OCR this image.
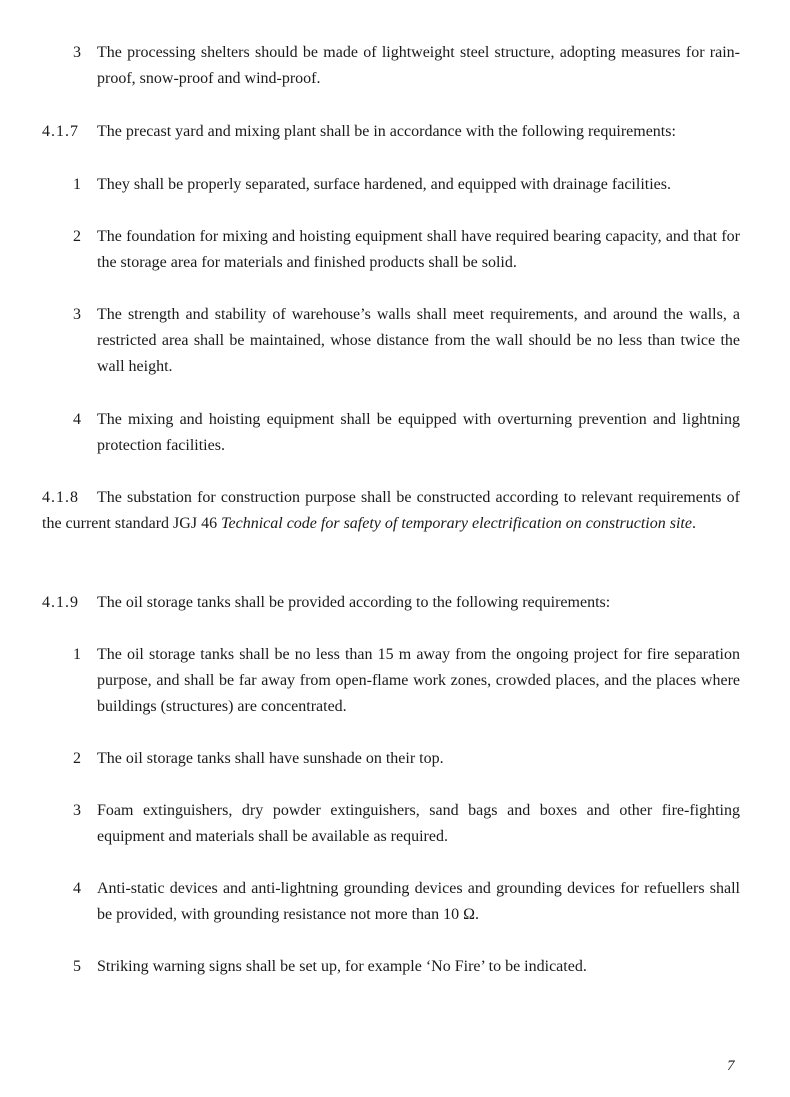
3 The processing shelters should be made of lightweight steel structure, adopting measures for rain-proof, snow-proof and wind-proof.
4.1.7 The precast yard and mixing plant shall be in accordance with the following requirements:
1 They shall be properly separated, surface hardened, and equipped with drainage facilities.
2 The foundation for mixing and hoisting equipment shall have required bearing capacity, and that for the storage area for materials and finished products shall be solid.
3 The strength and stability of warehouse’s walls shall meet requirements, and around the walls, a restricted area shall be maintained, whose distance from the wall should be no less than twice the wall height.
4 The mixing and hoisting equipment shall be equipped with overturning prevention and lightning protection facilities.
4.1.8 The substation for construction purpose shall be constructed according to relevant requirements of the current standard JGJ 46 Technical code for safety of temporary electrification on construction site.
4.1.9 The oil storage tanks shall be provided according to the following requirements:
1 The oil storage tanks shall be no less than 15 m away from the ongoing project for fire separation purpose, and shall be far away from open-flame work zones, crowded places, and the places where buildings (structures) are concentrated.
2 The oil storage tanks shall have sunshade on their top.
3 Foam extinguishers, dry powder extinguishers, sand bags and boxes and other fire-fighting equipment and materials shall be available as required.
4 Anti-static devices and anti-lightning grounding devices and grounding devices for refuellers shall be provided, with grounding resistance not more than 10 Ω.
5 Striking warning signs shall be set up, for example ‘No Fire’ to be indicated.
7
